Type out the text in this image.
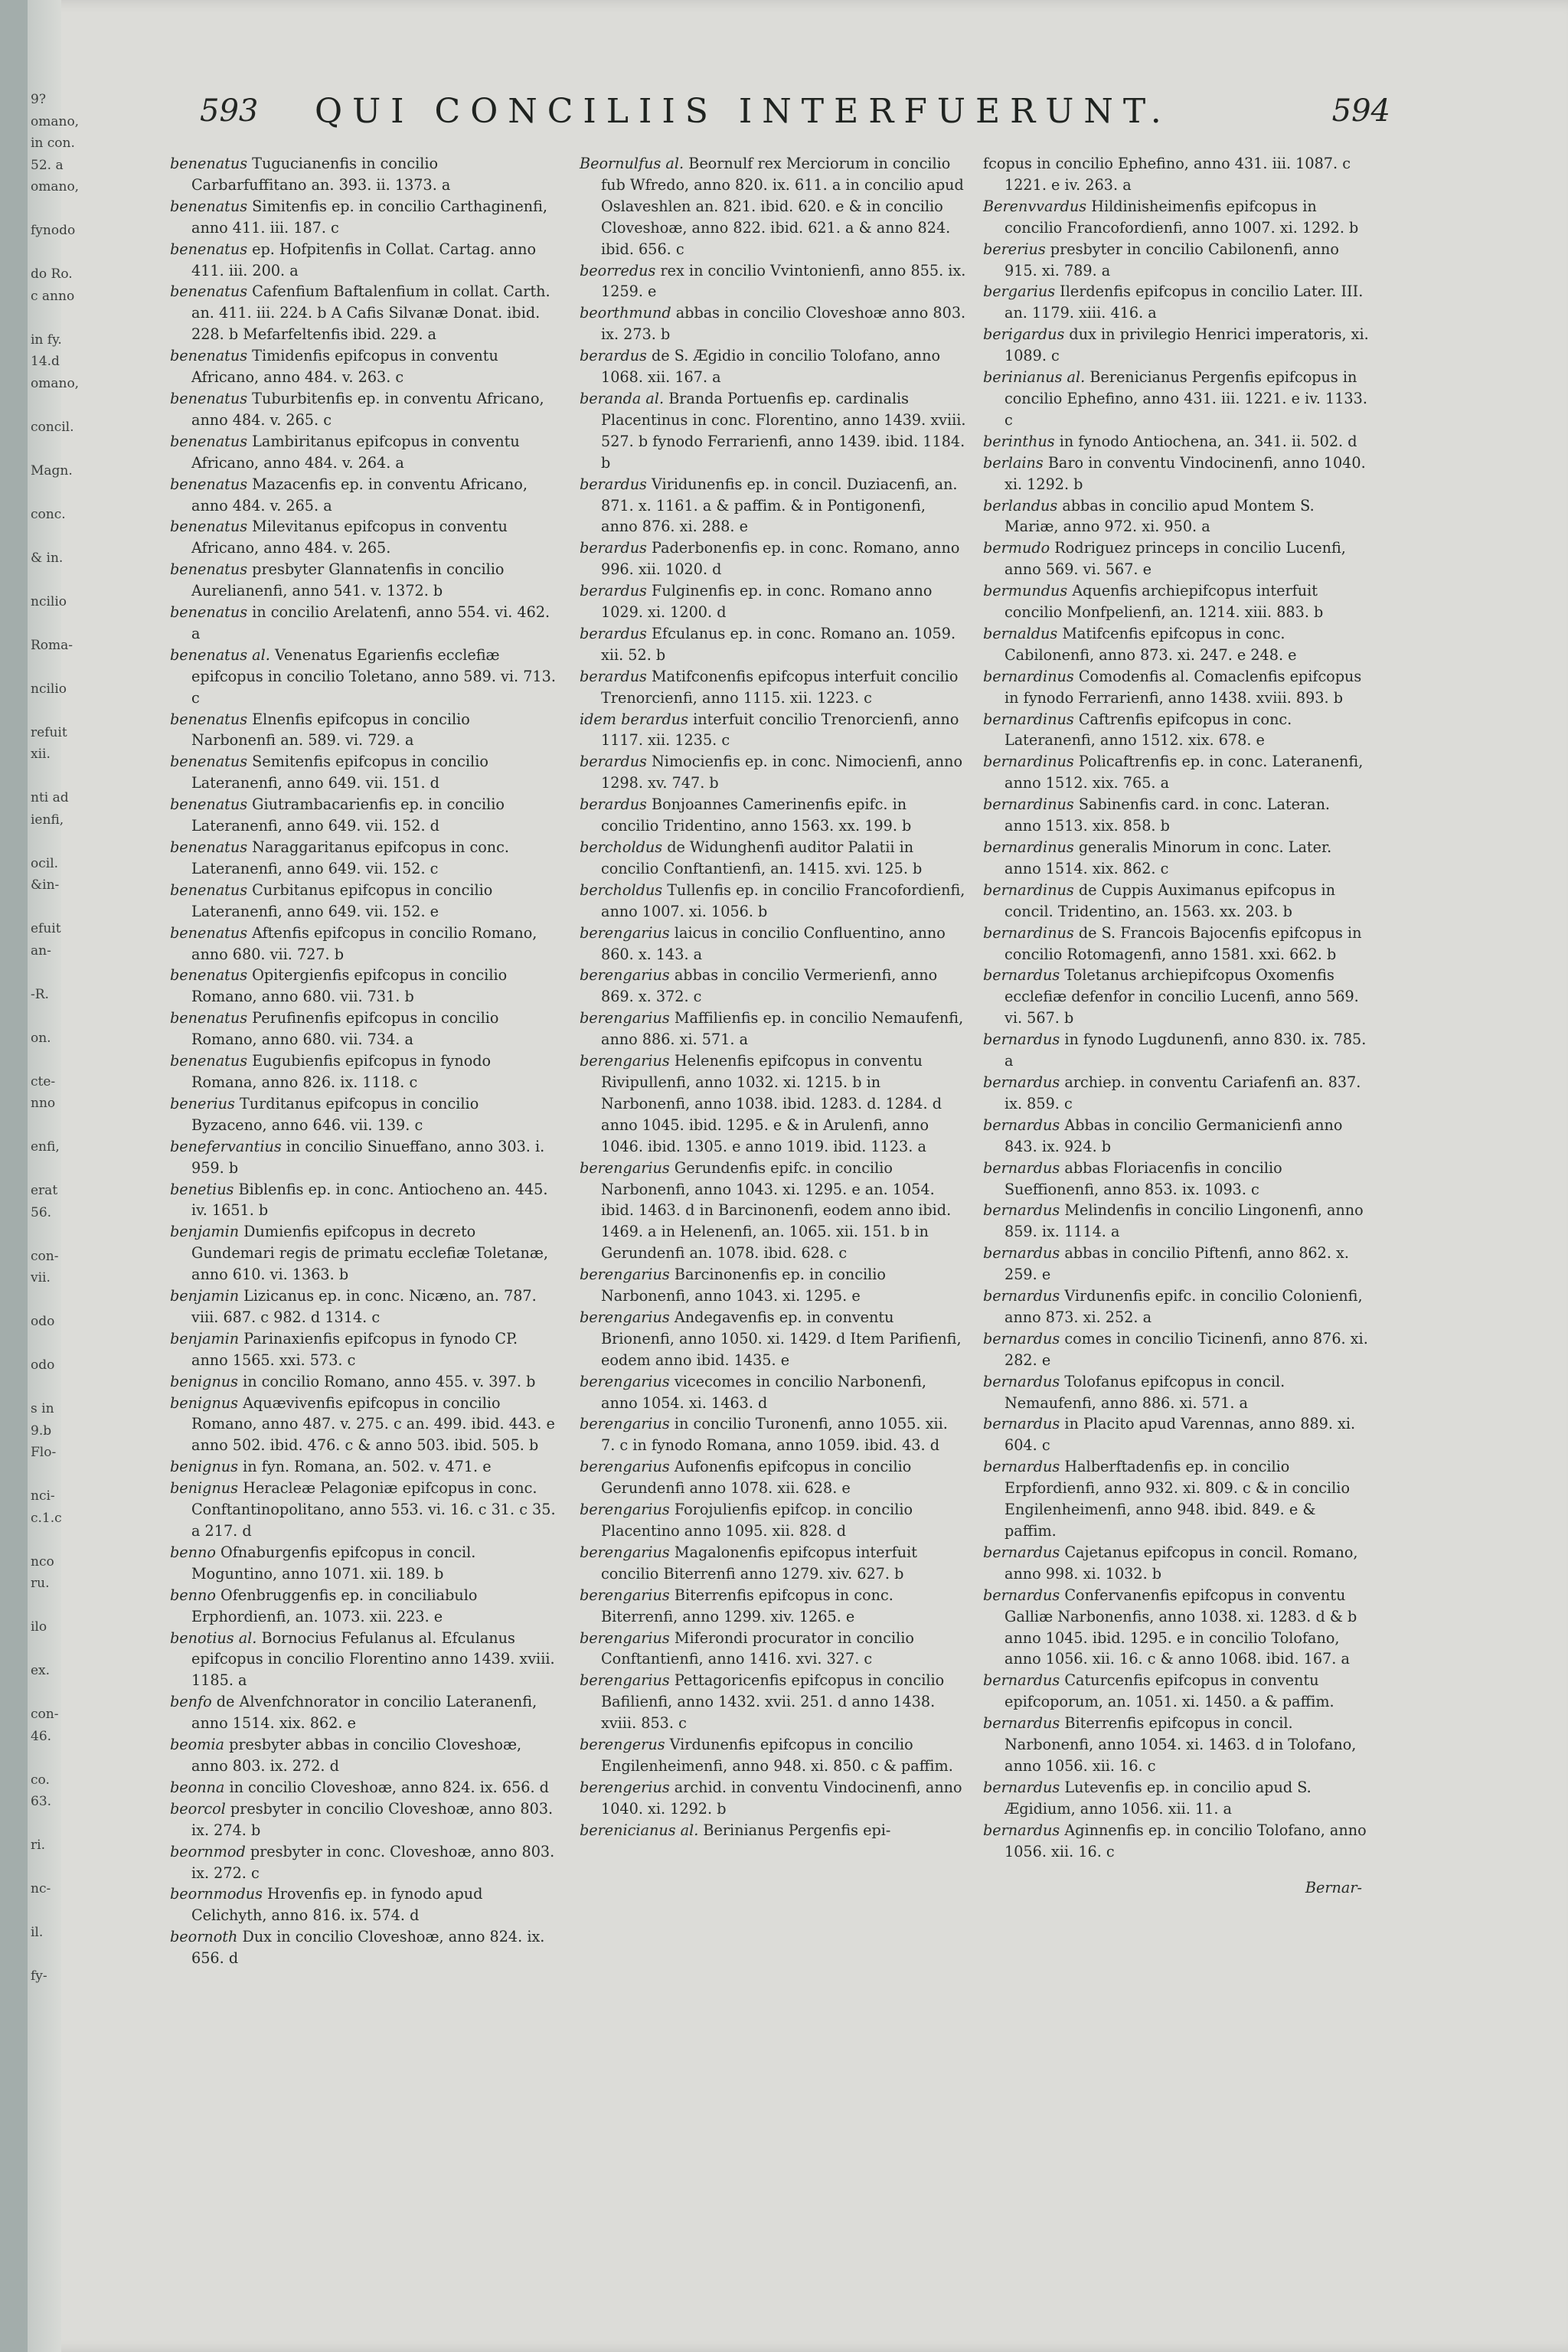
9?
omano,
in con.
52. a
omano,
fynodo
do Ro.
c anno
in fy.
14.d
omano,
concil.
Magn.
conc.
& in.
ncilio
Roma-
ncilio
refuit
xii.
nti ad
ienfi,
ocil.
&in-
efuit
an-
-R.
on.
cte-
nno
enfi,
erat
56.
con-
vii.
odo
odo
s in
9.b
Flo-
nci-
c.1.c
nco
ru.
ilo
ex.
con-
46.
co.
63.
ri.
nc-
il.
fy-
593 QUI CONCILIIS INTERFUERUNT.	594

benenatus Tugucianenfis in concilio Carbarfuffitano an. 393. ii. 1373. a

benenatus Simitenfis ep. in concilio Carthaginenfi, anno 411. iii. 187. c

benenatus ep. Hofpitenfis in Collat. Cartag. anno 411. iii. 200. a

benenatus Cafenfium Baftalenfium in collat. Carth. an. 411. iii. 224. b A Cafis Silvanæ Donat. ibid. 228. b Mefarfeltenfis ibid. 229. a

benenatus Timidenfis epifcopus in conventu Africano, anno 484. v. 263. c

benenatus Tuburbitenfis ep. in conventu Africano, anno 484. v. 265. c

benenatus Lambiritanus epifcopus in conventu Africano, anno 484. v. 264. a

benenatus Mazacenfis ep. in conventu Africano, anno 484. v. 265. a

benenatus Milevitanus epifcopus in conventu Africano, anno 484. v. 265.

benenatus presbyter Glannatenfis in concilio Aurelianenfi, anno 541. v. 1372. b

benenatus in concilio Arelatenfi, anno 554. vi. 462. a

benenatus al. Venenatus Egarienfis ecclefiæ epifcopus in concilio Toletano, anno 589. vi. 713. c

benenatus Elnenfis epifcopus in concilio Narbonenfi an. 589. vi. 729. a

benenatus Semitenfis epifcopus in concilio Lateranenfi, anno 649. vii. 151. d

benenatus Giutrambacarienfis ep. in concilio Lateranenfi, anno 649. vii. 152. d

benenatus Naraggaritanus epifcopus in conc. Lateranenfi, anno 649. vii. 152. c

benenatus Curbitanus epifcopus in concilio Lateranenfi, anno 649. vii. 152. e

benenatus Aftenfis epifcopus in concilio Romano, anno 680. vii. 727. b

benenatus Opitergienfis epifcopus in concilio Romano, anno 680. vii. 731. b

benenatus Perufinenfis epifcopus in concilio Romano, anno 680. vii. 734. a

benenatus Eugubienfis epifcopus in fynodo Romana, anno 826. ix. 1118. c

benerius Turditanus epifcopus in concilio Byzaceno, anno 646. vii. 139. c

benefervantius in concilio Sinueffano, anno 303. i. 959. b

benetius Biblenfis ep. in conc. Antiocheno an. 445. iv. 1651. b

benjamin Dumienfis epifcopus in decreto Gundemari regis de primatu ecclefiæ Toletanæ, anno 610. vi. 1363. b

benjamin Lizicanus ep. in conc. Nicæno, an. 787. viii. 687. c 982. d 1314. c

benjamin Parinaxienfis epifcopus in fynodo CP. anno 1565. xxi. 573. c

benignus in concilio Romano, anno 455. v. 397. b

benignus Aquævivenfis epifcopus in concilio Romano, anno 487. v. 275. c an. 499. ibid. 443. e anno 502. ibid. 476. c & anno 503. ibid. 505. b

benignus in fyn. Romana, an. 502. v. 471. e

benignus Heracleæ Pelagoniæ epifcopus in conc. Conftantinopolitano, anno 553. vi. 16. c 31. c 35. a 217. d

benno Ofnaburgenfis epifcopus in concil. Moguntino, anno 1071. xii. 189. b

benno Ofenbruggenfis ep. in conciliabulo Erphordienfi, an. 1073. xii. 223. e

benotius al. Bornocius Fefulanus al. Efculanus epifcopus in concilio Florentino anno 1439. xviii. 1185. a

benfo de Alvenfchnorator in concilio Lateranenfi, anno 1514. xix. 862. e

beomia presbyter abbas in concilio Cloveshoæ, anno 803. ix. 272. d

beonna in concilio Cloveshoæ, anno 824. ix. 656. d

beorcol presbyter in concilio Cloveshoæ, anno 803. ix. 274. b

beornmod presbyter in conc. Cloveshoæ, anno 803. ix. 272. c

beornmodus Hrovenfis ep. in fynodo apud Celichyth, anno 816. ix. 574. d

beornoth Dux in concilio Cloveshoæ, anno 824. ix. 656. d

Beornulfus al. Beornulf rex Merciorum in concilio fub Wfredo, anno 820. ix. 611. a in concilio apud Oslaveshlen an. 821. ibid. 620. e & in concilio Cloveshoæ, anno 822. ibid. 621. a & anno 824. ibid. 656. c

beorredus rex in concilio Vvintonienfi, anno 855. ix. 1259. e

beorthmund abbas in concilio Cloveshoæ anno 803. ix. 273. b

berardus de S. Ægidio in concilio Tolofano, anno 1068. xii. 167. a

beranda al. Branda Portuenfis ep. cardinalis Placentinus in conc. Florentino, anno 1439. xviii. 527. b fynodo Ferrarienfi, anno 1439. ibid. 1184. b

berardus Viridunenfis ep. in concil. Duziacenfi, an. 871. x. 1161. a & paffim. & in Pontigonenfi, anno 876. xi. 288. e

berardus Paderbonenfis ep. in conc. Romano, anno 996. xii. 1020. d

berardus Fulginenfis ep. in conc. Romano anno 1029. xi. 1200. d

berardus Efculanus ep. in conc. Romano an. 1059. xii. 52. b

berardus Matifconenfis epifcopus interfuit concilio Trenorcienfi, anno 1115. xii. 1223. c

idem berardus interfuit concilio Trenorcienfi, anno 1117. xii. 1235. c

berardus Nimocienfis ep. in conc. Nimocienfi, anno 1298. xv. 747. b

berardus Bonjoannes Camerinenfis epifc. in concilio Tridentino, anno 1563. xx. 199. b

bercholdus de Widunghenfi auditor Palatii in concilio Conftantienfi, an. 1415. xvi. 125. b

bercholdus Tullenfis ep. in concilio Francofordienfi, anno 1007. xi. 1056. b

berengarius laicus in concilio Confluentino, anno 860. x. 143. a

berengarius abbas in concilio Vermerienfi, anno 869. x. 372. c

berengarius Maffilienfis ep. in concilio Nemaufenfi, anno 886. xi. 571. a

berengarius Helenenfis epifcopus in conventu Rivipullenfi, anno 1032. xi. 1215. b in Narbonenfi, anno 1038. ibid. 1283. d. 1284. d anno 1045. ibid. 1295. e & in Arulenfi, anno 1046. ibid. 1305. e anno 1019. ibid. 1123. a

berengarius Gerundenfis epifc. in concilio Narbonenfi, anno 1043. xi. 1295. e an. 1054. ibid. 1463. d in Barcinonenfi, eodem anno ibid. 1469. a in Helenenfi, an. 1065. xii. 151. b in Gerundenfi an. 1078. ibid. 628. c

berengarius Barcinonenfis ep. in concilio Narbonenfi, anno 1043. xi. 1295. e

berengarius Andegavenfis ep. in conventu Brionenfi, anno 1050. xi. 1429. d Item Parifienfi, eodem anno ibid. 1435. e

berengarius vicecomes in concilio Narbonenfi, anno 1054. xi. 1463. d

berengarius in concilio Turonenfi, anno 1055. xii. 7. c in fynodo Romana, anno 1059. ibid. 43. d

berengarius Aufonenfis epifcopus in concilio Gerundenfi anno 1078. xii. 628. e

berengarius Forojulienfis epifcop. in concilio Placentino anno 1095. xii. 828. d

berengarius Magalonenfis epifcopus interfuit concilio Biterrenfi anno 1279. xiv. 627. b

berengarius Biterrenfis epifcopus in conc. Biterrenfi, anno 1299. xiv. 1265. e

berengarius Miferondi procurator in concilio Conftantienfi, anno 1416. xvi. 327. c

berengarius Pettagoricenfis epifcopus in concilio Bafilienfi, anno 1432. xvii. 251. d anno 1438. xviii. 853. c

berengerus Virdunenfis epifcopus in concilio Engilenheimenfi, anno 948. xi. 850. c & paffim.

berengerius archid. in conventu Vindocinenfi, anno 1040. xi. 1292. b

berenicianus al. Berinianus Pergenfis epi-

fcopus in concilio Ephefino, anno 431. iii. 1087. c 1221. e iv. 263. a

Berenvvardus Hildinisheimenfis epifcopus in concilio Francofordienfi, anno 1007. xi. 1292. b

bererius presbyter in concilio Cabilonenfi, anno 915. xi. 789. a

bergarius Ilerdenfis epifcopus in concilio Later. III. an. 1179. xiii. 416. a

berigardus dux in privilegio Henrici imperatoris, xi. 1089. c

berinianus al. Berenicianus Pergenfis epifcopus in concilio Ephefino, anno 431. iii. 1221. e iv. 1133. c

berinthus in fynodo Antiochena, an. 341. ii. 502. d

berlains Baro in conventu Vindocinenfi, anno 1040. xi. 1292. b

berlandus abbas in concilio apud Montem S. Mariæ, anno 972. xi. 950. a

bermudo Rodriguez princeps in concilio Lucenfi, anno 569. vi. 567. e

bermundus Aquenfis archiepifcopus interfuit concilio Monfpelienfi, an. 1214. xiii. 883. b

bernaldus Matifcenfis epifcopus in conc. Cabilonenfi, anno 873. xi. 247. e 248. e

bernardinus Comodenfis al. Comaclenfis epifcopus in fynodo Ferrarienfi, anno 1438. xviii. 893. b

bernardinus Caftrenfis epifcopus in conc. Lateranenfi, anno 1512. xix. 678. e

bernardinus Policaftrenfis ep. in conc. Lateranenfi, anno 1512. xix. 765. a

bernardinus Sabinenfis card. in conc. Lateran. anno 1513. xix. 858. b

bernardinus generalis Minorum in conc. Later. anno 1514. xix. 862. c

bernardinus de Cuppis Auximanus epifcopus in concil. Tridentino, an. 1563. xx. 203. b

bernardinus de S. Francois Bajocenfis epifcopus in concilio Rotomagenfi, anno 1581. xxi. 662. b

bernardus Toletanus archiepifcopus Oxomenfis ecclefiæ defenfor in concilio Lucenfi, anno 569. vi. 567. b

bernardus in fynodo Lugdunenfi, anno 830. ix. 785. a

bernardus archiep. in conventu Cariafenfi an. 837. ix. 859. c

bernardus Abbas in concilio Germanicienfi anno 843. ix. 924. b

bernardus abbas Floriacenfis in concilio Sueffionenfi, anno 853. ix. 1093. c

bernardus Melindenfis in concilio Lingonenfi, anno 859. ix. 1114. a

bernardus abbas in concilio Piftenfi, anno 862. x. 259. e

bernardus Virdunenfis epifc. in concilio Colonienfi, anno 873. xi. 252. a

bernardus comes in concilio Ticinenfi, anno 876. xi. 282. e

bernardus Tolofanus epifcopus in concil. Nemaufenfi, anno 886. xi. 571. a

bernardus in Placito apud Varennas, anno 889. xi. 604. c

bernardus Halberftadenfis ep. in concilio Erpfordienfi, anno 932. xi. 809. c & in concilio Engilenheimenfi, anno 948. ibid. 849. e & paffim.

bernardus Cajetanus epifcopus in concil. Romano, anno 998. xi. 1032. b

bernardus Confervanenfis epifcopus in conventu Galliæ Narbonenfis, anno 1038. xi. 1283. d & b anno 1045. ibid. 1295. e in concilio Tolofano, anno 1056. xii. 16. c & anno 1068. ibid. 167. a

bernardus Caturcenfis epifcopus in conventu epifcoporum, an. 1051. xi. 1450. a & paffim.

bernardus Biterrenfis epifcopus in concil. Narbonenfi, anno 1054. xi. 1463. d in Tolofano, anno 1056. xii. 16. c

bernardus Lutevenfis ep. in concilio apud S. Ægidium, anno 1056. xii. 11. a

bernardus Aginnenfis ep. in concilio Tolofano, anno 1056. xii. 16. c

Bernar-
